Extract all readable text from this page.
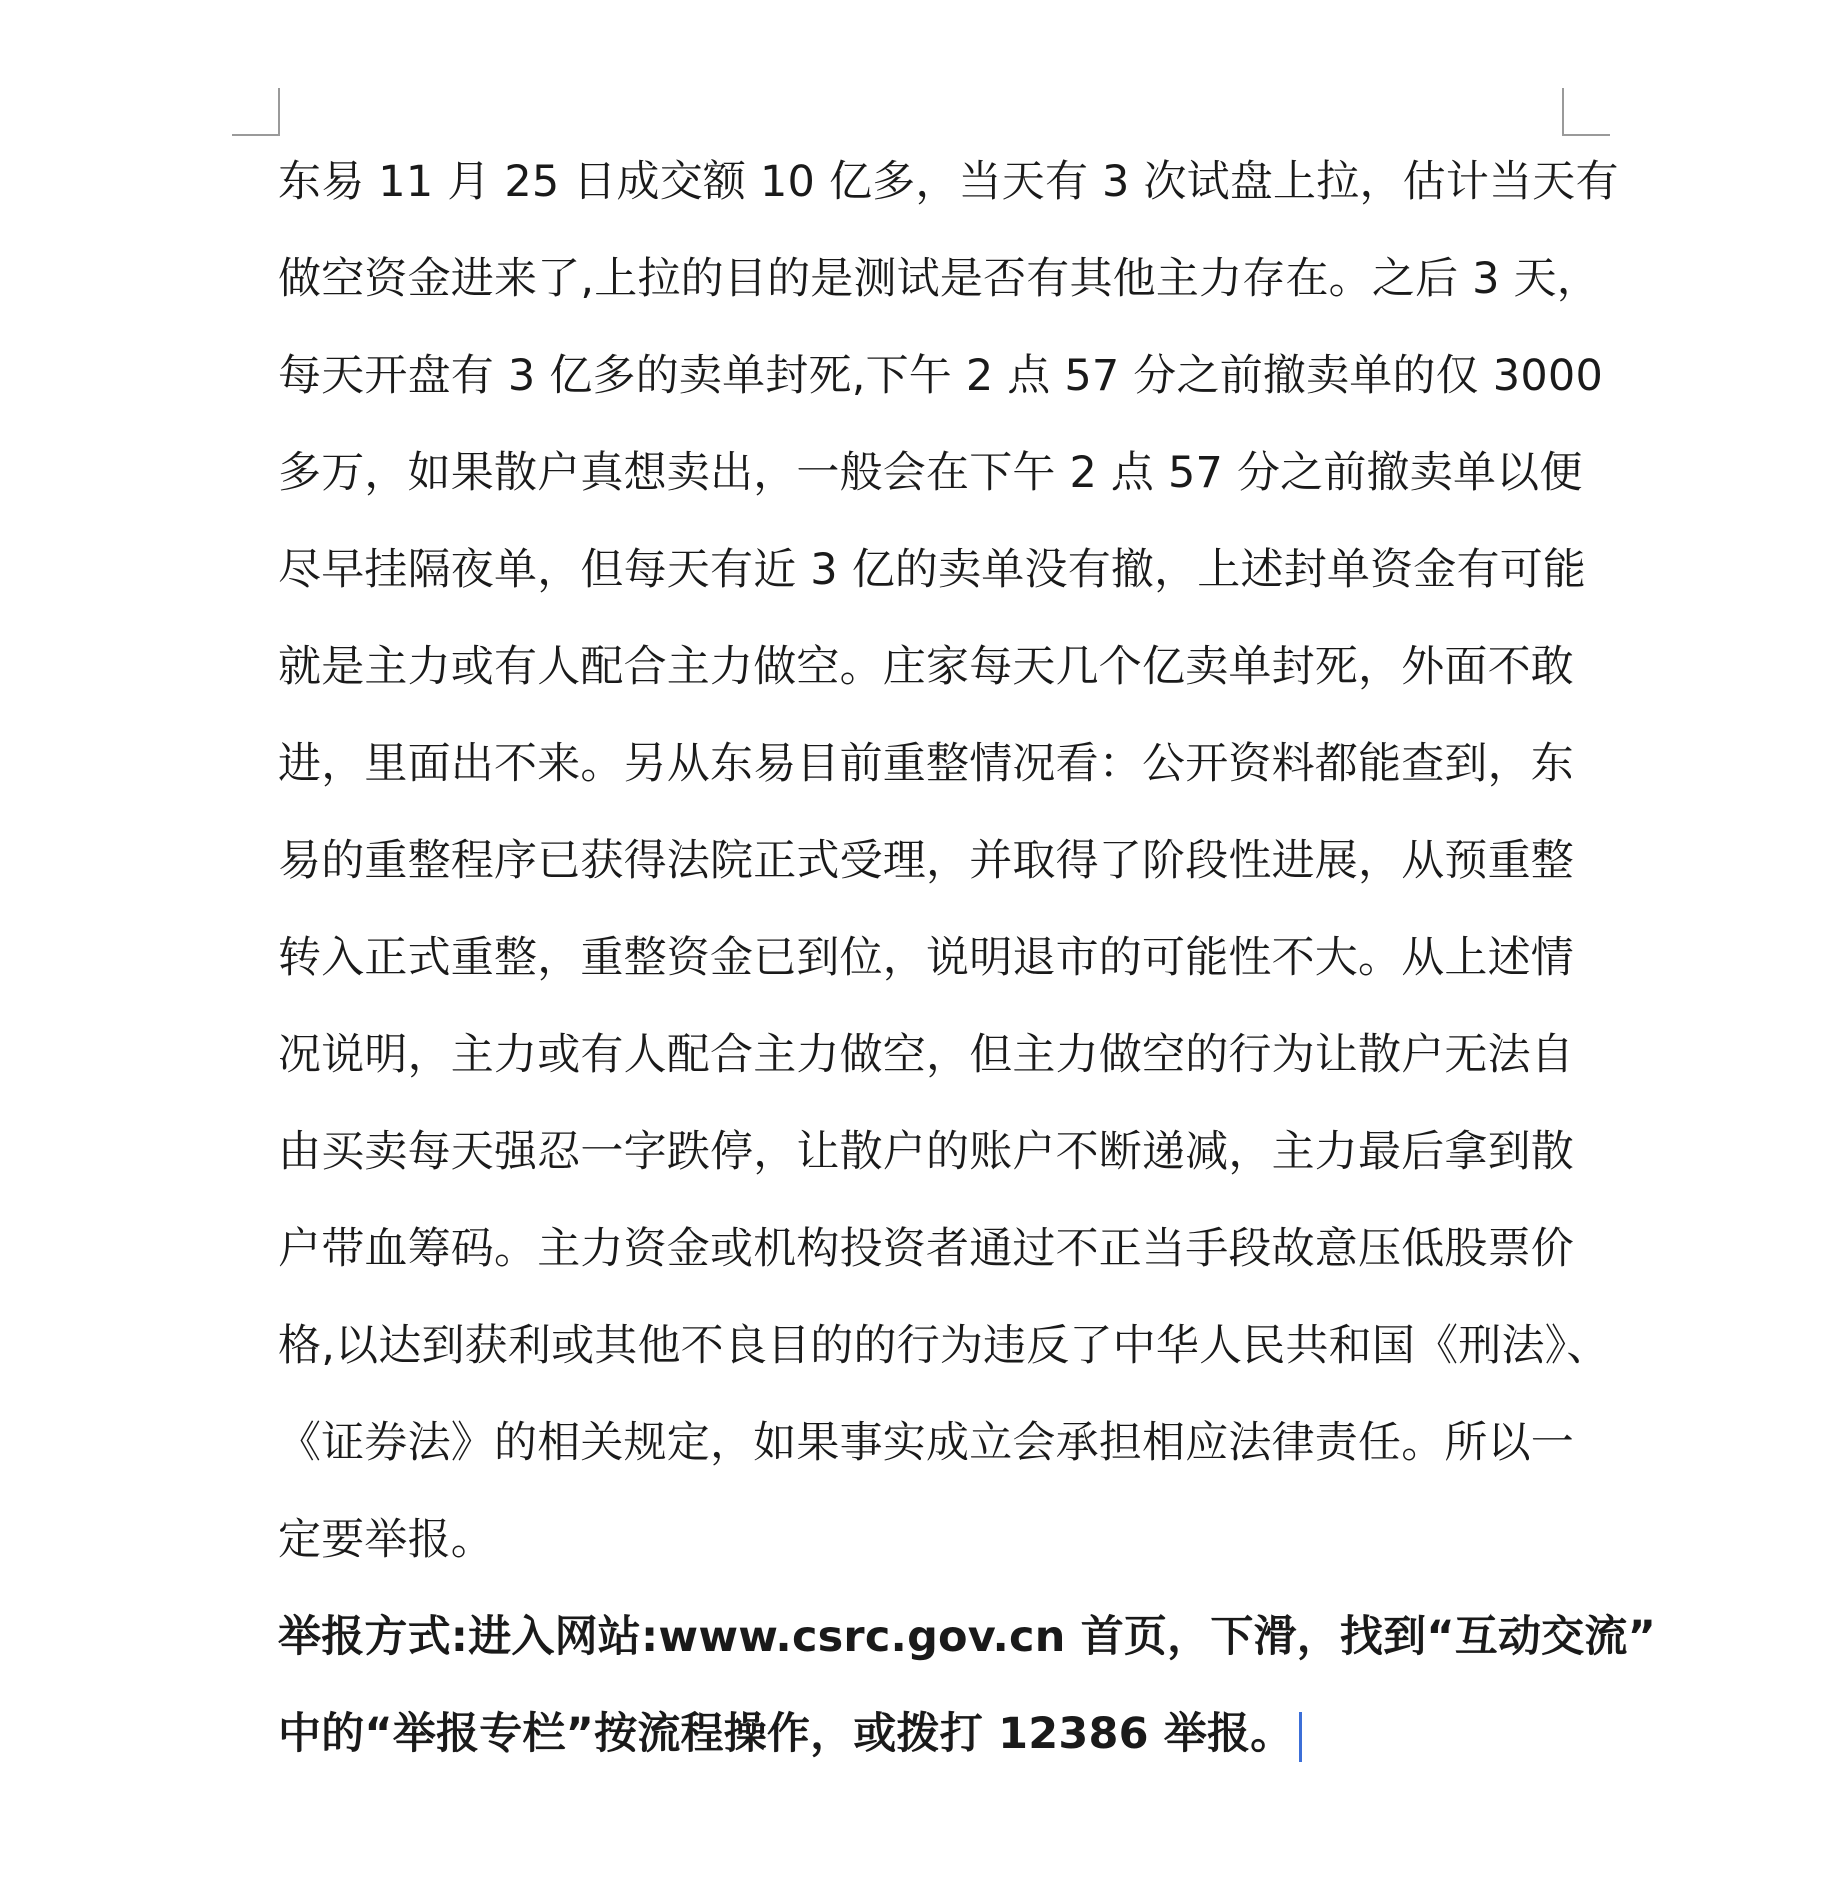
东易 11 月 25 日成交额 10 亿多，当天有 3 次试盘上拉，估计当天有
做空资金进来了,上拉的目的是测试是否有其他主力存在。之后 3 天，
每天开盘有 3 亿多的卖单封死,下午 2 点 57 分之前撤卖单的仅 3000
多万，如果散户真想卖出，一般会在下午 2 点 57 分之前撤卖单以便
尽早挂隔夜单，但每天有近 3 亿的卖单没有撤，上述封单资金有可能
就是主力或有人配合主力做空。庄家每天几个亿卖单封死，外面不敢
进，里面出不来。另从东易目前重整情况看：公开资料都能查到，东
易的重整程序已获得法院正式受理，并取得了阶段性进展，从预重整
转入正式重整，重整资金已到位，说明退市的可能性不大。从上述情
况说明，主力或有人配合主力做空，但主力做空的行为让散户无法自
由买卖每天强忍一字跌停，让散户的账户不断递减，主力最后拿到散
户带血筹码。主力资金或机构投资者通过不正当手段故意压低股票价
格,以达到获利或其他不良目的的行为违反了中华人民共和国《刑法》、
《证券法》的相关规定，如果事实成立会承担相应法律责任。所以一
定要举报。
举报方式:进入网站:www.csrc.gov.cn 首页，下滑，找到“互动交流”
中的“举报专栏”按流程操作，或拨打 12386 举报。
